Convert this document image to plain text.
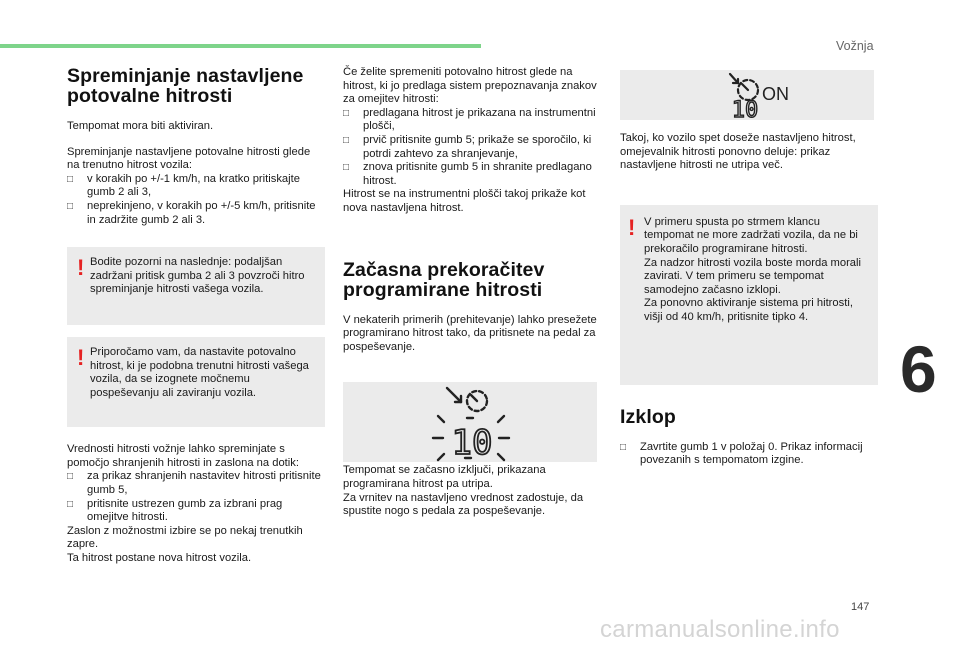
Vožnja
Spreminjanje nastavljene
potovalne hitrosti

Tempomat mora biti aktiviran.

Spreminjanje nastavljene potovalne hitrosti glede na trenutno hitrost vozila:

□ v korakih po +/-1 km/h, na kratko pritiskajte gumb 2 ali 3,
□ neprekinjeno, v korakih po +/-5 km/h, pritisnite in zadržite gumb 2 ali 3.
! Bodite pozorni na naslednje: podaljšan zadržani pritisk gumba 2 ali 3 povzroči hitro spreminjanje hitrosti vašega vozila.
! Priporočamo vam, da nastavite potovalno hitrost, ki je podobna trenutni hitrosti vašega vozila, da se izognete močnemu pospeševanju ali zaviranju vozila.

Vrednosti hitrosti vožnje lahko spreminjate s pomočjo shranjenih hitrosti in zaslona na dotik:

□ za prikaz shranjenih nastavitev hitrosti pritisnite gumb 5,
□ pritisnite ustrezen gumb za izbrani prag omejitve hitrosti.

Zaslon z možnostmi izbire se po nekaj trenutkih zapre.

Ta hitrost postane nova hitrost vozila.

Če želite spremeniti potovalno hitrost glede na hitrost, ki jo predlaga sistem prepoznavanja znakov za omejitev hitrosti:

□ predlagana hitrost je prikazana na instrumentni plošči,
□ prvič pritisnite gumb 5; prikaže se sporočilo, ki potrdi zahtevo za shranjevanje,
□ znova pritisnite gumb 5 in shranite predlagano hitrost.

Hitrost se na instrumentni plošči takoj prikaže kot nova nastavljena hitrost.

Začasna prekoračitev
programirane hitrosti

V nekaterih primerih (prehitevanje) lahko presežete programirano hitrost tako, da pritisnete na pedal za pospeševanje.

10

Tempomat se začasno izključi, prikazana programirana hitrost pa utripa.

Za vrnitev na nastavljeno vrednost zadostuje, da spustite nogo s pedala za pospeševanje.

10
ON

Takoj, ko vozilo spet doseže nastavljeno hitrost, omejevalnik hitrosti ponovno deluje: prikaz nastavljene hitrosti ne utripa več.

! V primeru spusta po strmem klancu tempomat ne more zadržati vozila, da ne bi prekoračilo programirane hitrosti.

Za nadzor hitrosti vozila boste morda morali zavirati. V tem primeru se tempomat samodejno začasno izklopi.

Za ponovno aktiviranje sistema pri hitrosti, višji od 40 km/h, pritisnite tipko 4.

Izklop
□ Zavrtite gumb 1 v položaj 0. Prikaz informacij povezanih s tempomatom izgine.
6
147
carmanualsonline.info
